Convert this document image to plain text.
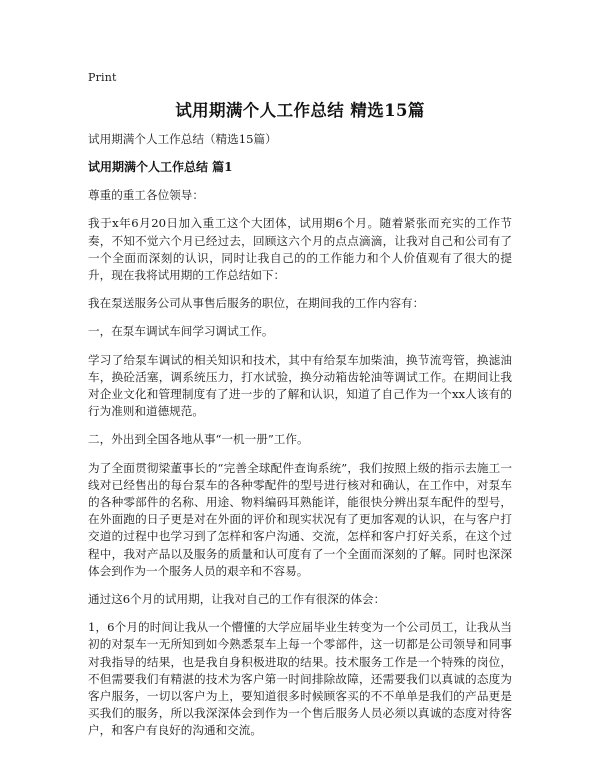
Print
试用期满个人工作总结 精选15篇

试用期满个人工作总结（精选15篇）

试用期满个人工作总结 篇1

尊重的重工各位领导：

我于x年6月20日加入重工这个大团体，试用期6个月。随着紧张而充实的工作节奏，不知不觉六个月已经过去，回顾这六个月的点点滴滴，让我对自己和公司有了一个全面而深刻的认识，同时让我自己的的工作能力和个人价值观有了很大的提升，现在我将试用期的工作总结如下：

我在泵送服务公司从事售后服务的职位，在期间我的工作内容有：

一，在泵车调试车间学习调试工作。

学习了给泵车调试的相关知识和技术，其中有给泵车加柴油，换节流弯管，换滤油车，换砼活塞，调系统压力，打水试验，换分动箱齿轮油等调试工作。在期间让我对企业文化和管理制度有了进一步的了解和认识，知道了自己作为一个xx人该有的行为准则和道德规范。

二，外出到全国各地从事“一机一册”工作。

为了全面贯彻梁董事长的“完善全球配件查询系统”，我们按照上级的指示去施工一线对已经售出的每台泵车的各种零配件的型号进行核对和确认，在工作中，对泵车的各种零部件的名称、用途、物料编码耳熟能详，能很快分辨出泵车配件的型号，在外面跑的日子更是对在外面的评价和现实状况有了更加客观的认识，在与客户打交道的过程中也学习到了怎样和客户沟通、交流，怎样和客户打好关系，在这个过程中，我对产品以及服务的质量和认可度有了一个全面而深刻的了解。同时也深深体会到作为一个服务人员的艰辛和不容易。

通过这6个月的试用期，让我对自己的工作有很深的体会：

1，6个月的时间让我从一个懵懂的大学应届毕业生转变为一个公司员工，让我从当初的对泵车一无所知到如今熟悉泵车上每一个零部件，这一切都是公司领导和同事对我指导的结果，也是我自身积极进取的结果。技术服务工作是一个特殊的岗位，不但需要我们有精湛的技术为客户第一时间排除故障，还需要我们以真诚的态度为客户服务，一切以客户为上，要知道很多时候顾客买的不不单单是我们的产品更是买我们的服务，所以我深深体会到作为一个售后服务人员必须以真诚的态度对待客户，和客户有良好的沟通和交流。
